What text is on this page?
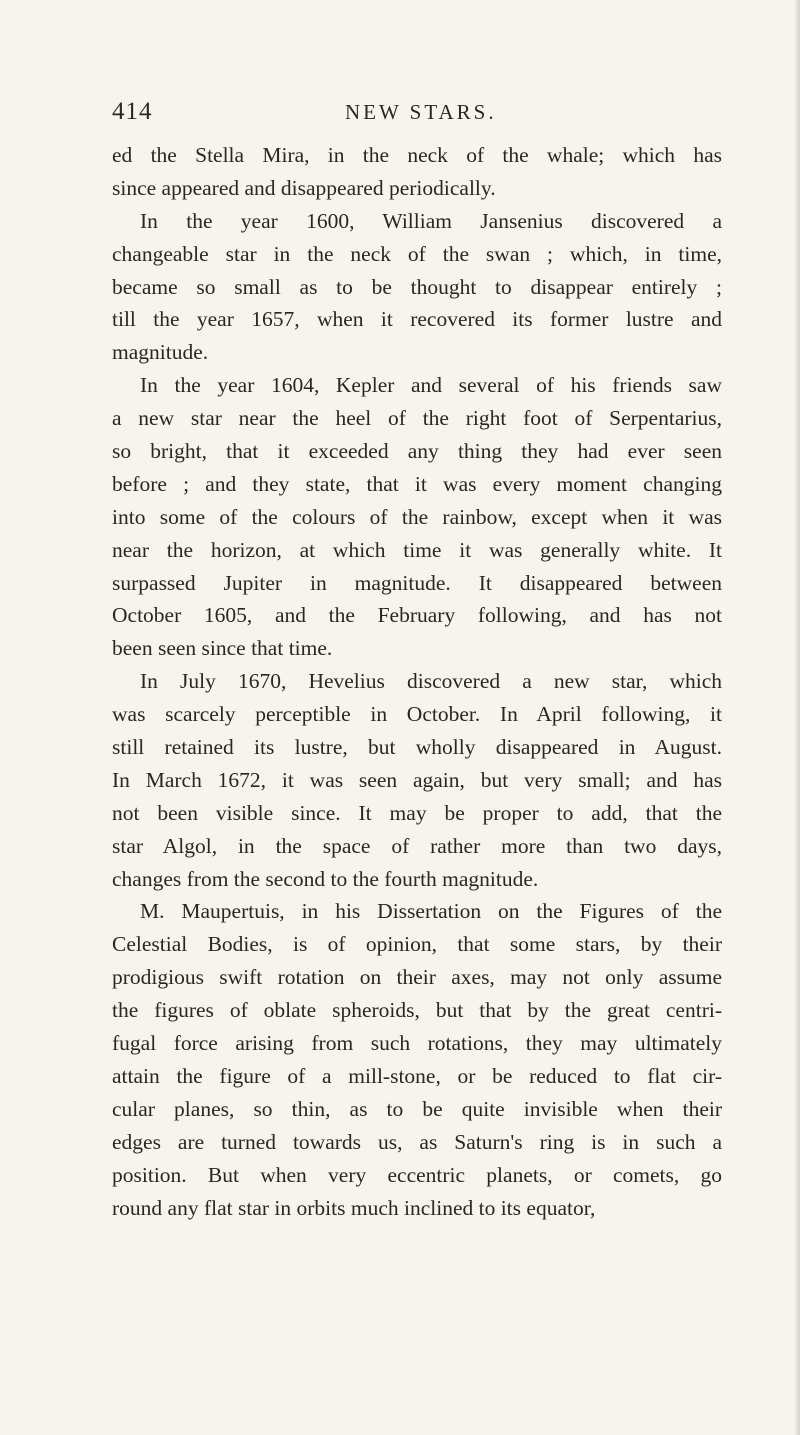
414	NEW STARS.
ed the Stella Mira, in the neck of the whale; which has
since appeared and disappeared periodically.
In the year 1600, William Jansenius discovered a
changeable star in the neck of the swan ; which, in time,
became so small as to be thought to disappear entirely ;
till the year 1657, when it recovered its former lustre and
magnitude.
In the year 1604, Kepler and several of his friends saw
a new star near the heel of the right foot of Serpentarius,
so bright, that it exceeded any thing they had ever seen
before ; and they state, that it was every moment changing
into some of the colours of the rainbow, except when it was
near the horizon, at which time it was generally white. It
surpassed Jupiter in magnitude. It disappeared between
October 1605, and the February following, and has not
been seen since that time.
In July 1670, Hevelius discovered a new star, which
was scarcely perceptible in October. In April following, it
still retained its lustre, but wholly disappeared in August.
In March 1672, it was seen again, but very small; and has
not been visible since. It may be proper to add, that the
star Algol, in the space of rather more than two days,
changes from the second to the fourth magnitude.
M. Maupertuis, in his Dissertation on the Figures of the
Celestial Bodies, is of opinion, that some stars, by their
prodigious swift rotation on their axes, may not only assume
the figures of oblate spheroids, but that by the great centri-
fugal force arising from such rotations, they may ultimately
attain the figure of a mill-stone, or be reduced to flat cir-
cular planes, so thin, as to be quite invisible when their
edges are turned towards us, as Saturn's ring is in such a
position. But when very eccentric planets, or comets, go
round any flat star in orbits much inclined to its equator,
